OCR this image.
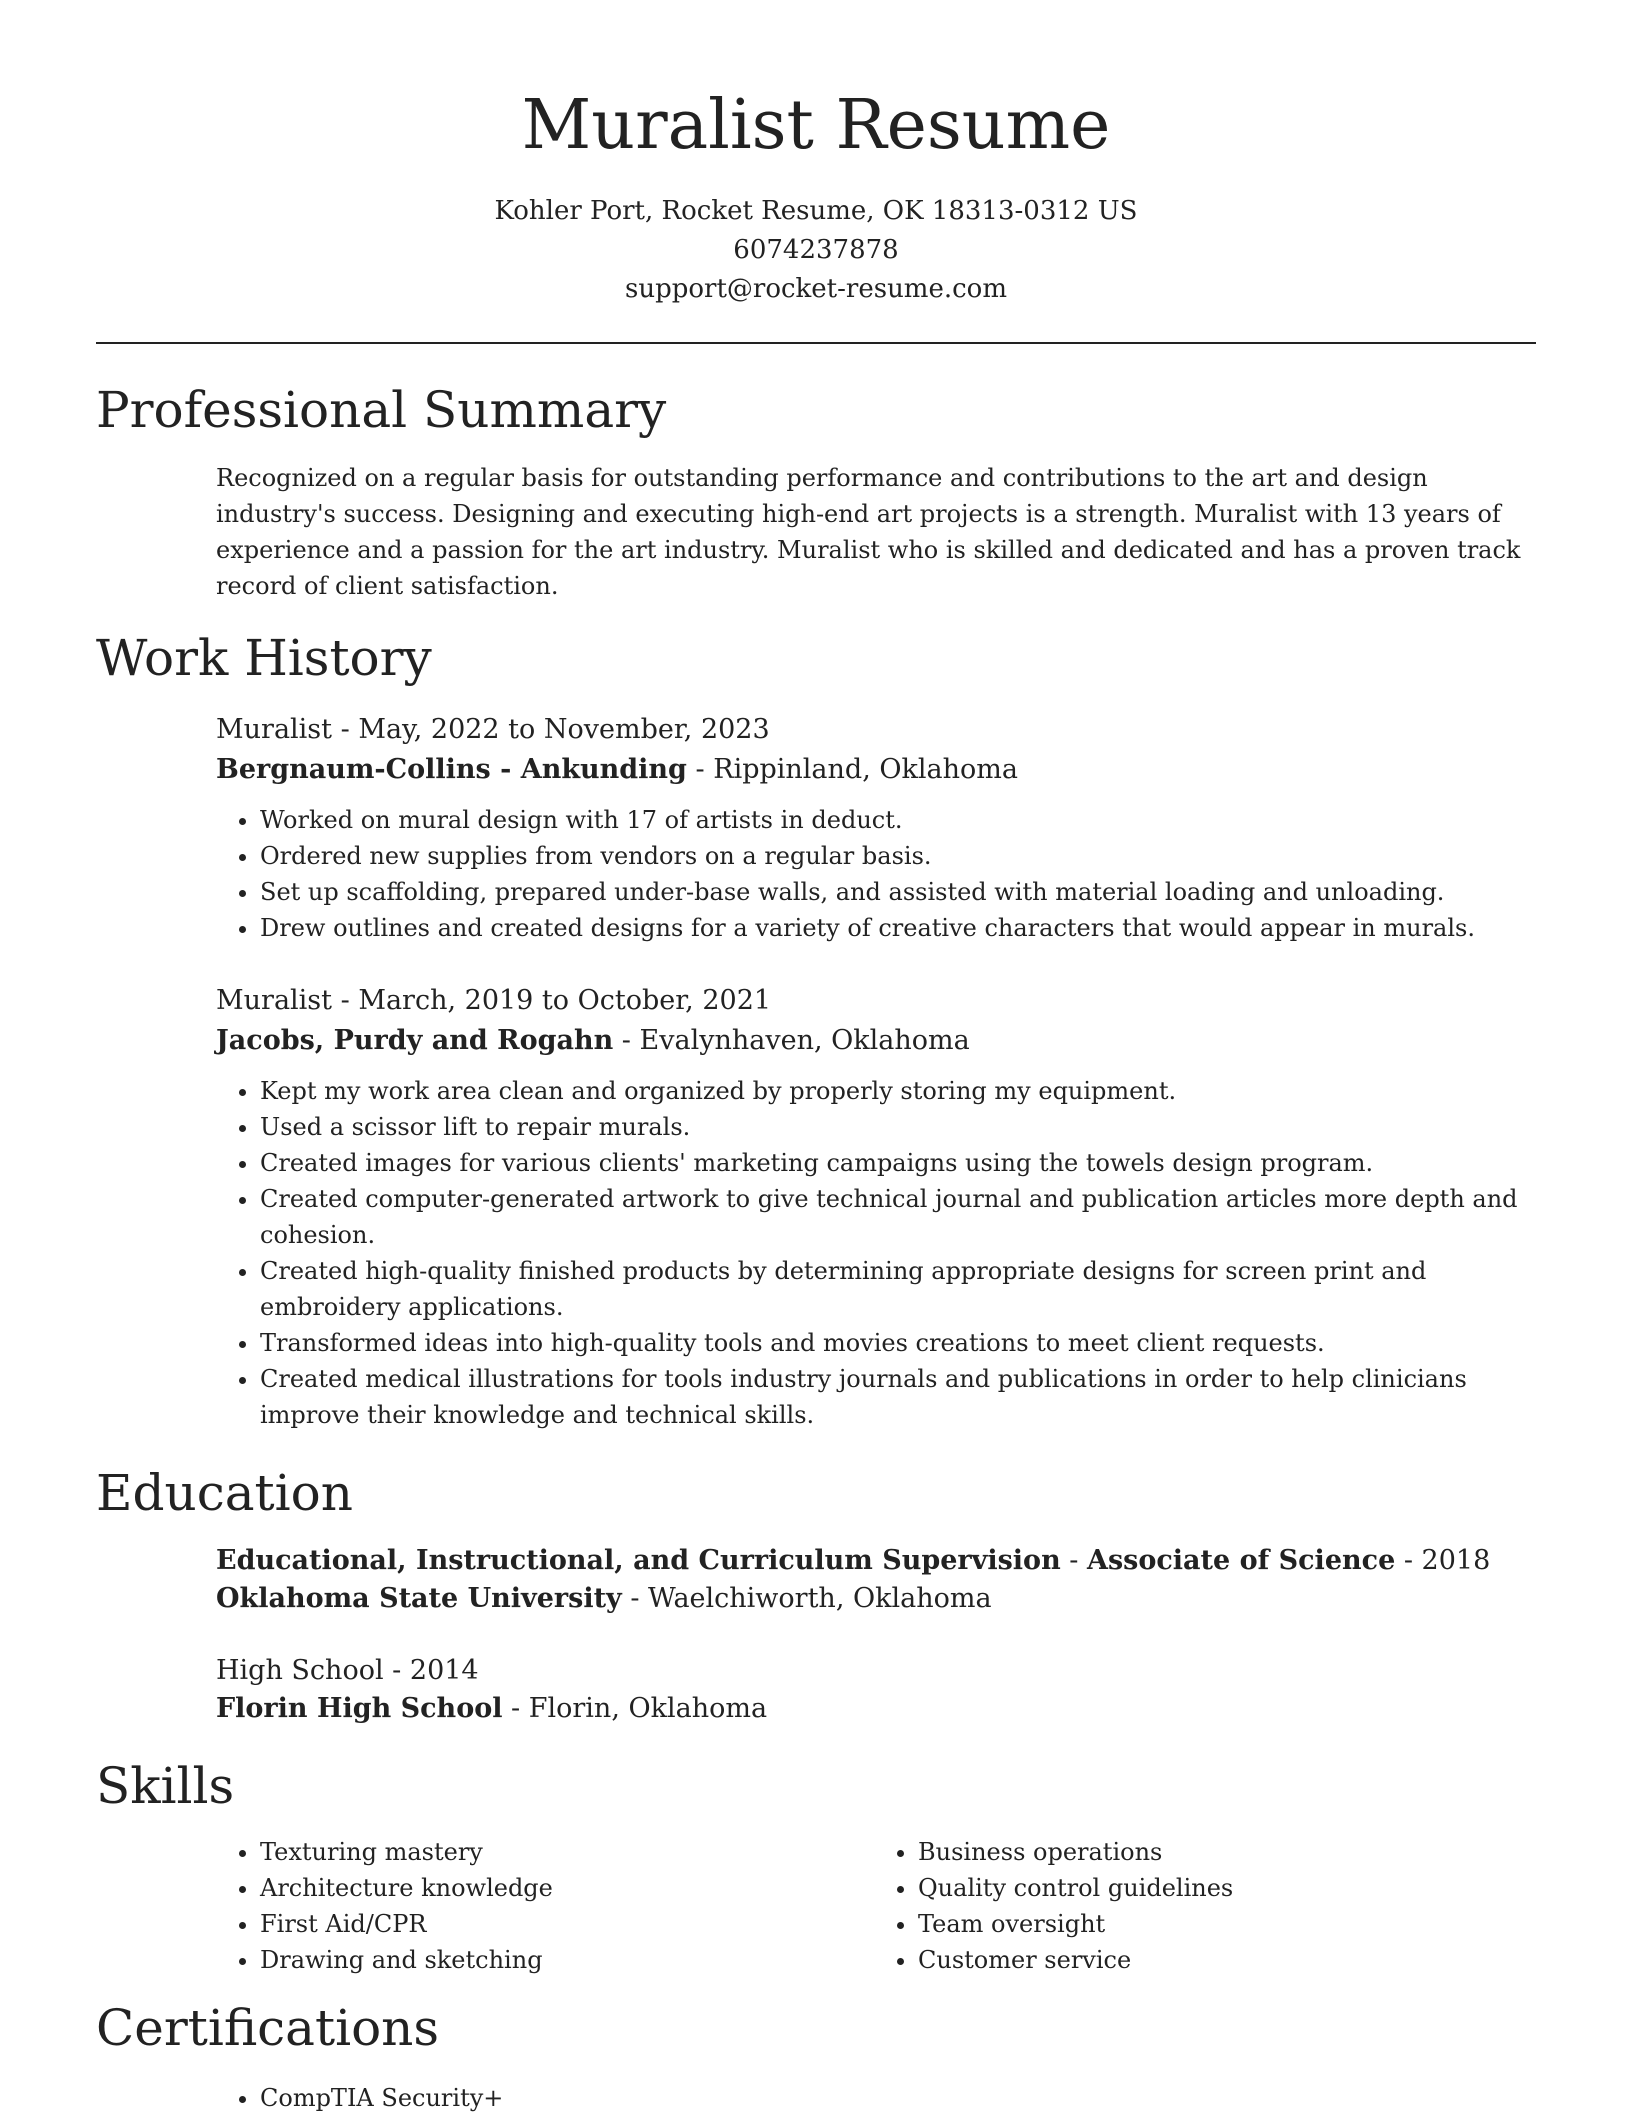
Muralist Resume
Kohler Port, Rocket Resume, OK 18313-0312 US
6074237878
support@rocket-resume.com
Professional Summary

Recognized on a regular basis for outstanding performance and contributions to the art and design industry's success. Designing and executing high-end art projects is a strength. Muralist with 13 years of experience and a passion for the art industry. Muralist who is skilled and dedicated and has a proven track record of client satisfaction.

Work History

Muralist - May, 2022 to November, 2023

Bergnaum-Collins - Ankunding - Rippinland, Oklahoma

• Worked on mural design with 17 of artists in deduct.
• Ordered new supplies from vendors on a regular basis.
• Set up scaffolding, prepared under-base walls, and assisted with material loading and unloading.
• Drew outlines and created designs for a variety of creative characters that would appear in murals.

Muralist - March, 2019 to October, 2021

Jacobs, Purdy and Rogahn - Evalynhaven, Oklahoma

• Kept my work area clean and organized by properly storing my equipment.
• Used a scissor lift to repair murals.
• Created images for various clients' marketing campaigns using the towels design program.
• Created computer-generated artwork to give technical journal and publication articles more depth and cohesion.
• Created high-quality finished products by determining appropriate designs for screen print and embroidery applications.
• Transformed ideas into high-quality tools and movies creations to meet client requests.
• Created medical illustrations for tools industry journals and publications in order to help clinicians improve their knowledge and technical skills.
Education

Educational, Instructional, and Curriculum Supervision - Associate of Science - 2018

Oklahoma State University - Waelchiworth, Oklahoma

High School - 2014

Florin High School - Florin, Oklahoma

Skills
• Texturing mastery
• Architecture knowledge
• First Aid/CPR
• Drawing and sketching
• Business operations
• Quality control guidelines
• Team oversight
• Customer service
Certifications
• CompTIA Security+
